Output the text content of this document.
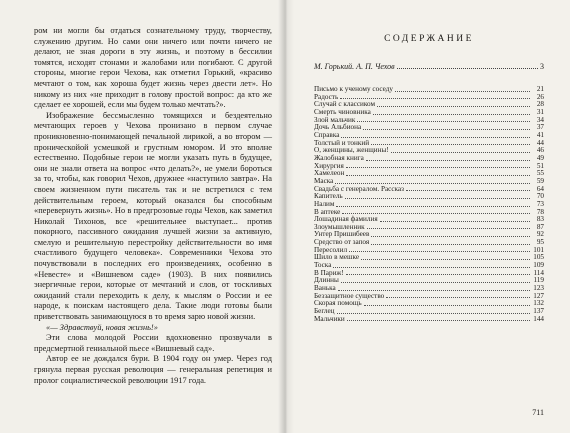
ром ни могли бы отдаться сознательному труду, творчеству, служению другим. Но сами они ничего или почти ничего не делают, не зная дороги в эту жизнь, и поэтому в бессилии томятся, исходят стонами и жалобами или погибают. С другой стороны, многие герои Чехова, как отметил Горький, «красиво мечтают о том, как хороша будет жизнь через двести лет». Но никому из них «не приходит в голову простой вопрос: да кто же сделает ее хорошей, если мы будем только мечтать?».

Изображение бессмысленно томящихся и бездеятельно мечтающих героев у Чехова пронизано в первом случае проникновенно-понимающей печальной лирикой, а во втором — проническойой усмешкой и грустным юмором. И это вполне естественно. Подобные герои не могли указать путь в будущее, они не знали ответа на вопрос «что делать?», не умели бороться за то, чтобы, как говорил Чехов, дружнее «наступило завтра». На своем жизненном пути писатель так и не встретился с тем действительным героем, который оказался бы способным «перевернуть жизнь». Но в предгрозовые годы Чехов, как заметил Николай Тихонов, все «решительнее выступает... против покорного, пассивного ожидания лучшей жизни за активную, смелую и решительную перестройку действительности во имя счастливого будущего человека». Современники Чехова это почувствовали в последних его произведениях, особенно в «Невесте» и «Вишневом саде» (1903). В них появились энергичные герои, которые от мечтаний и слов, от тоскливых ожиданий стали переходить к делу, к мыслям о России и ее народе, к поискам настоящего дела. Такие люди готовы были приветствовать занимающуюся в то время зарю новой жизни.

«— Здравствуй, новая жизнь!»

Эти слова молодой России вдохновенно прозвучали в предсмертной гениальной пьесе «Вишневый сад».

Автор ее не дождался бури. В 1904 году он умер. Через год грянула первая русская революция — генеральная репетиция и пролог социалистической революции 1917 года.

СОДЕРЖАНИЕ
М. Горький. А. П. Чехов	3
Письмо к ученому соседу	21
Радость	26
Случай с классиком	28
Смерть чиновника	31
Злой мальчик	34
Дочь Альбиона	37
Справка	41
Толстый и тонкий	44
О, женщины, женщины!	46
Жалобная книга	49
Хирургия	51
Хамелеон	55
Маска	59
Свадьба с генералом. Рассказ	64
Капитель	70
Налим	73
В аптеке	78
Лошадиная фамилия	83
Злоумышленник	87
Унтер Пришибеев	92
Средство от запоя	95
Пересолил	101
Шило в мешке	105
Тоска	109
В Париж!	114
Длинны	119
Ванька	123
Беззащитное существо	127
Скорая помощь	132
Беглец	137
Мальчики	144
711
